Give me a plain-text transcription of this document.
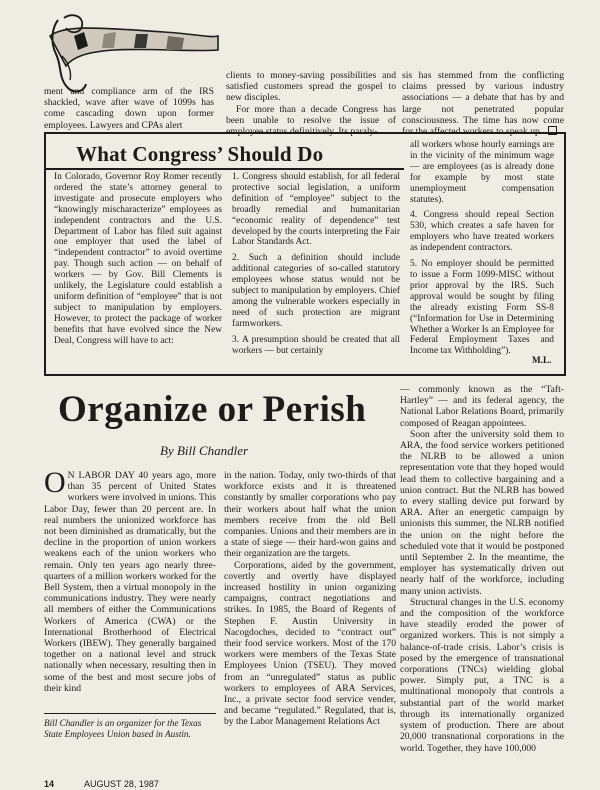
ment and compliance arm of the IRS shackled, wave after wave of 1099s has come cascading down upon former employees. Lawyers and CPAs alert

clients to money-saving possibilities and satisfied customers spread the gospel to new disciples.

For more than a decade Congress has been unable to resolve the issue of employee status definitively. Its paraly-

sis has stemmed from the conflicting claims pressed by various industry associations — a debate that has by and large not penetrated popular consciousness. The time has now come for the affected workers to speak up.

What Congress’ Should Do

In Colorado, Governor Roy Romer recently ordered the state’s attorney general to investigate and prosecute employers who “knowingly mischaracterize” employees as independent contractors and the U.S. Department of Labor has filed suit against one employer that used the label of “independent contractor” to avoid overtime pay. Though such action — on behalf of workers — by Gov. Bill Clements is unlikely, the Legislature could establish a uniform definition of “employee” that is not subject to manipulation by employers. However, to protect the package of worker benefits that have evolved since the New Deal, Congress will have to act:

1. Congress should establish, for all federal protective social legislation, a uniform definition of “employee” subject to the broadly remedial and humanitarian “economic reality of dependence” test developed by the courts interpreting the Fair Labor Standards Act.

2. Such a definition should include additional categories of so-called statutory employees whose status would not be subject to manipulation by employers. Chief among the vulnerable workers especially in need of such protection are migrant farmworkers.

3. A presumption should be created that all workers — but certainly

all workers whose hourly earnings are in the vicinity of the minimum wage — are employees (as is already done for example by most state unemployment compensation statutes).

4. Congress should repeal Section 530, which creates a safe haven for employers who have treated workers as independent contractors.

5. No employer should be permitted to issue a Form 1099-MISC without prior approval by the IRS. Such approval would be sought by filing the already existing Form SS-8 (“Information for Use in Determining Whether a Worker Is an Employee for Federal Employment Taxes and Income tax Withholding”).

M.L.
Organize or Perish
By Bill Chandler

O N LABOR DAY 40 years ago, more than 35 percent of United States workers were involved in unions. This Labor Day, fewer than 20 percent are. In real numbers the unionized workforce has not been diminished as dramatically, but the decline in the proportion of union workers weakens each of the union workers who remain. Only ten years ago nearly three-quarters of a million workers worked for the Bell System, then a virtual monopoly in the communications industry. They were nearly all members of either the Communications Workers of America (CWA) or the International Brotherhood of Electrical Workers (IBEW). They generally bargained together on a national level and struck nationally when necessary, resulting then in some of the best and most secure jobs of their kind

in the nation. Today, only two-thirds of that workforce exists and it is threatened constantly by smaller corporations who pay their workers about half what the union members receive from the old Bell companies. Unions and their members are in a state of siege — their hard-won gains and their organization are the targets.

Corporations, aided by the government, covertly and overtly have displayed increased hostility in union organizing campaigns, contract negotiations and strikes. In 1985, the Board of Regents of Stephen F. Austin University in Nacogdoches, decided to “contract out” their food service workers. Most of the 170 workers were members of the Texas State Employees Union (TSEU). They moved from an “unregulated” status as public workers to employees of ARA Services, Inc., a private sector food service vender, and became “regulated.” Regulated, that is, by the Labor Management Relations Act

— commonly known as the “Taft-Hartley” — and its federal agency, the National Labor Relations Board, primarily composed of Reagan appointees.

Soon after the university sold them to ARA, the food service workers petitioned the NLRB to be allowed a union representation vote that they hoped would lead them to collective bargaining and a union contract. But the NLRB has bowed to every stalling device put forward by ARA. After an energetic campaign by unionists this summer, the NLRB notified the union on the night before the scheduled vote that it would be postponed until September 2. In the meantime, the employer has systematically driven out nearly half of the workforce, including many union activists.

Structural changes in the U.S. economy and the composition of the workforce have steadily eroded the power of organized workers. This is not simply a balance-of-trade crisis. Labor’s crisis is posed by the emergence of transnational corporations (TNCs) wielding global power. Simply put, a TNC is a multinational monopoly that controls a substantial part of the world market through its internationally organized system of production. There are about 20,000 transnational corporations in the world. Together, they have 100,000

Bill Chandler is an organizer for the Texas State Employees Union based in Austin.
14	AUGUST 28, 1987
